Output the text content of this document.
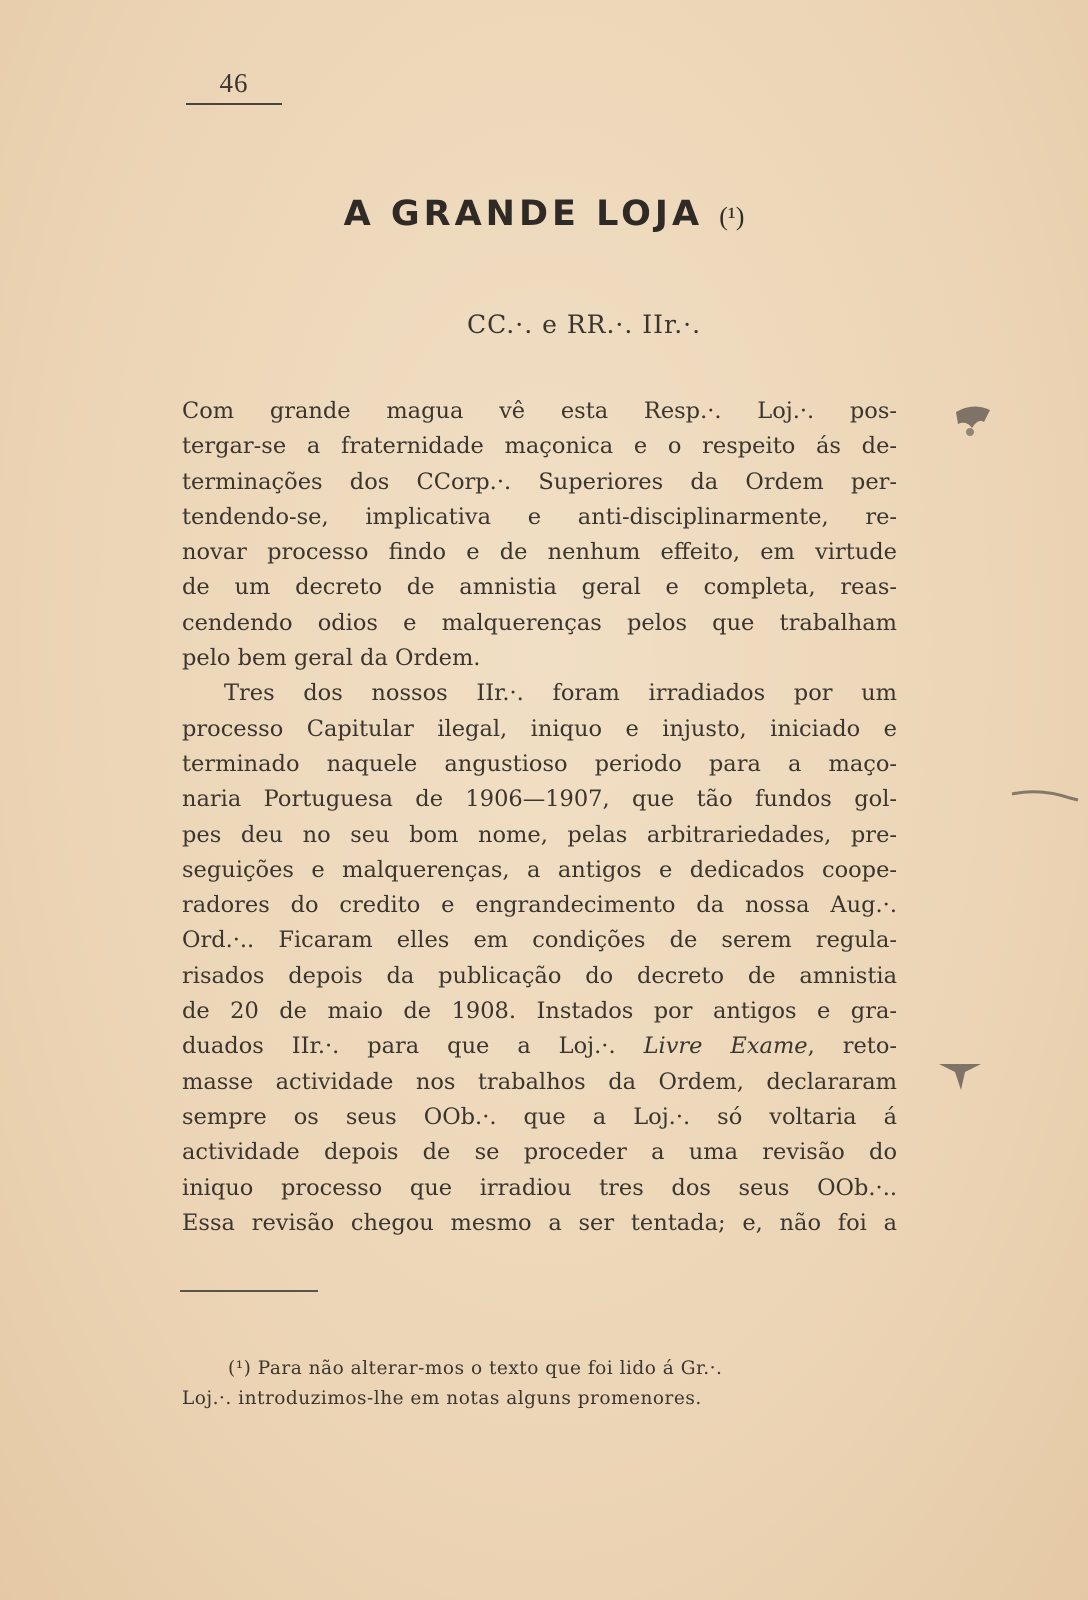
46
A GRANDE LOJA (¹)
CC.·. e RR.·. IIr.·.
Com grande magua vê esta Resp.·. Loj.·. pos-
tergar-se a fraternidade maçonica e o respeito ás de-
terminações dos CCorp.·. Superiores da Ordem per-
tendendo-se, implicativa e anti-disciplinarmente, re-
novar processo findo e de nenhum effeito, em virtude
de um decreto de amnistia geral e completa, reas-
cendendo odios e malquerenças pelos que trabalham
pelo bem geral da Ordem.
Tres dos nossos IIr.·. foram irradiados por um
processo Capitular ilegal, iniquo e injusto, iniciado e
terminado naquele angustioso periodo para a maço-
naria Portuguesa de 1906—1907, que tão fundos gol-
pes deu no seu bom nome, pelas arbitrariedades, pre-
seguições e malquerenças, a antigos e dedicados coope-
radores do credito e engrandecimento da nossa Aug.·.
Ord.·.. Ficaram elles em condições de serem regula-
risados depois da publicação do decreto de amnistia
de 20 de maio de 1908. Instados por antigos e gra-
duados IIr.·. para que a Loj.·. Livre Exame, reto-
masse actividade nos trabalhos da Ordem, declararam
sempre os seus OOb.·. que a Loj.·. só voltaria á
actividade depois de se proceder a uma revisão do
iniquo processo que irradiou tres dos seus OOb.·..
Essa revisão chegou mesmo a ser tentada; e, não foi a
(¹) Para não alterar-mos o texto que foi lido á Gr.·.
Loj.·. introduzimos-lhe em notas alguns promenores.
